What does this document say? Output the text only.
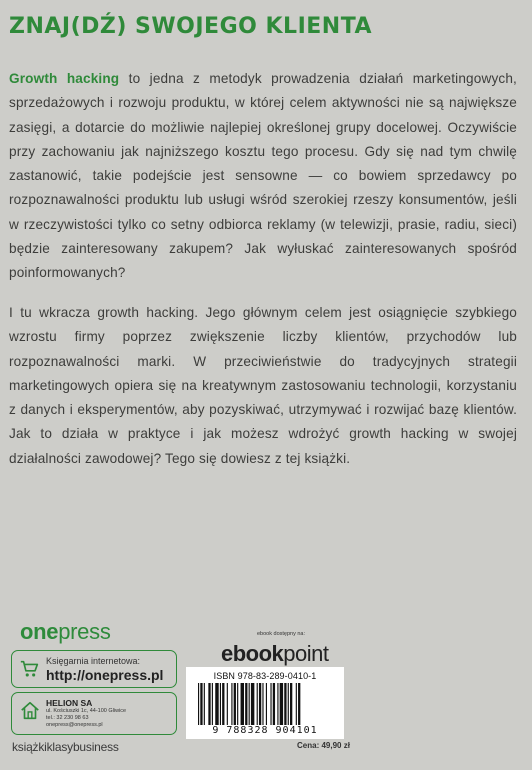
ZNAJ(DŹ) SWOJEGO KLIENTA

Growth hacking to jedna z metodyk prowadzenia działań marketingowych, sprzedażowych i rozwoju produktu, w której celem aktywności nie są największe zasięgi, a dotarcie do możliwie najlepiej określonej grupy docelowej. Oczywiście przy zachowaniu jak najniższego kosztu tego procesu. Gdy się nad tym chwilę zastanowić, takie podejście jest sensowne — co bowiem sprzedawcy po rozpoznawalności produktu lub usługi wśród szerokiej rzeszy konsumentów, jeśli w rzeczywistości tylko co setny odbiorca reklamy (w telewizji, prasie, radiu, sieci) będzie zainteresowany zakupem? Jak wyłuskać zainteresowanych spośród poinformowanych?

I tu wkracza growth hacking. Jego głównym celem jest osiągnięcie szybkiego wzrostu firmy poprzez zwiększenie liczby klientów, przychodów lub rozpoznawalności marki. W przeciwieństwie do tradycyjnych strategii marketingowych opiera się na kreatywnym zastosowaniu technologii, korzystaniu z danych i eksperymentów, aby pozyskiwać, utrzymywać i rozwijać bazę klientów. Jak to działa w praktyce i jak możesz wdrożyć growth hacking w swojej działalności zawodowej? Tego się dowiesz z tej książki.

onepress
Księgarnia internetowa:
http://onepress.pl
HELION SA
ul. Kościuszki 1c, 44-100 Gliwice
tel.: 32 230 98 63
onepress@onepress.pl
książkiklasybusiness
ebook dostępny na:
ebookpoint
ISBN 978-83-289-0410-1
9 788328 904101
Cena: 49,90 zł
